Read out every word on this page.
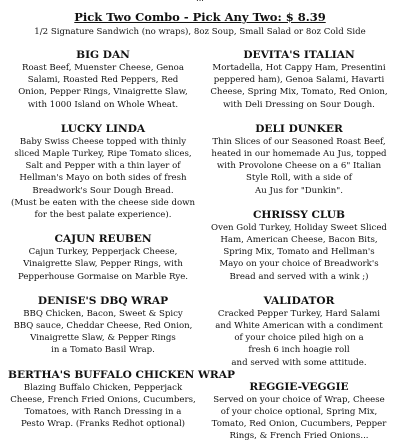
Pick Two Combo - Pick Any Two: $ 8.39
1/2 Signature Sandwich (no wraps), 8oz Soup, Small Salad or 8oz Cold Side
BIG DAN
Roast Beef, Muenster Cheese, Genoa
Salami, Roasted Red Peppers, Red
Onion, Pepper Rings, Vinaigrette Slaw,
with 1000 Island on Whole Wheat.
LUCKY LINDA
Baby Swiss Cheese topped with thinly
sliced Maple Turkey, Ripe Tomato slices,
Salt and Pepper with a thin layer of
Hellman's Mayo on both sides of fresh
Breadwork's Sour Dough Bread.
(Must be eaten with the cheese side down
for the best palate experience).
CAJUN REUBEN
Cajun Turkey, Pepperjack Cheese,
Vinaigrette Slaw, Pepper Rings, with
Pepperhouse Gormaise on Marble Rye.
DENISE'S DBQ WRAP
BBQ Chicken, Bacon, Sweet & Spicy
BBQ sauce, Cheddar Cheese, Red Onion,
Vinaigrette Slaw, & Pepper Rings
in a Tomato Basil Wrap.
BERTHA'S BUFFALO CHICKEN WRAP
Blazing Buffalo Chicken, Pepperjack
Cheese, French Fried Onions, Cucumbers,
Tomatoes, with Ranch Dressing in a
Pesto Wrap. (Franks Redhot optional)
DEVITA'S ITALIAN
Mortadella, Hot Cappy Ham, Presentini
peppered ham), Genoa Salami, Havarti
Cheese, Spring Mix, Tomato, Red Onion,
with Deli Dressing on Sour Dough.
DELI DUNKER
Thin Slices of our Seasoned Roast Beef,
heated in our homemade Au Jus, topped
with Provolone Cheese on a 6" Italian
Style Roll, with a side of
Au Jus for "Dunkin".
CHRISSY CLUB
Oven Gold Turkey, Holiday Sweet Sliced
Ham, American Cheese, Bacon Bits,
Spring Mix, Tomato and Hellman's
Mayo on your choice of Breadwork's
Bread and served with a wink ;)
VALIDATOR
Cracked Pepper Turkey, Hard Salami
and White American with a condiment
of your choice piled high on a
fresh 6 inch hoagie roll
and served with some attitude.
REGGIE-VEGGIE
Served on your choice of Wrap, Cheese
of your choice optional, Spring Mix,
Tomato, Red Onion, Cucumbers, Pepper
Rings, & French Fried Onions...
